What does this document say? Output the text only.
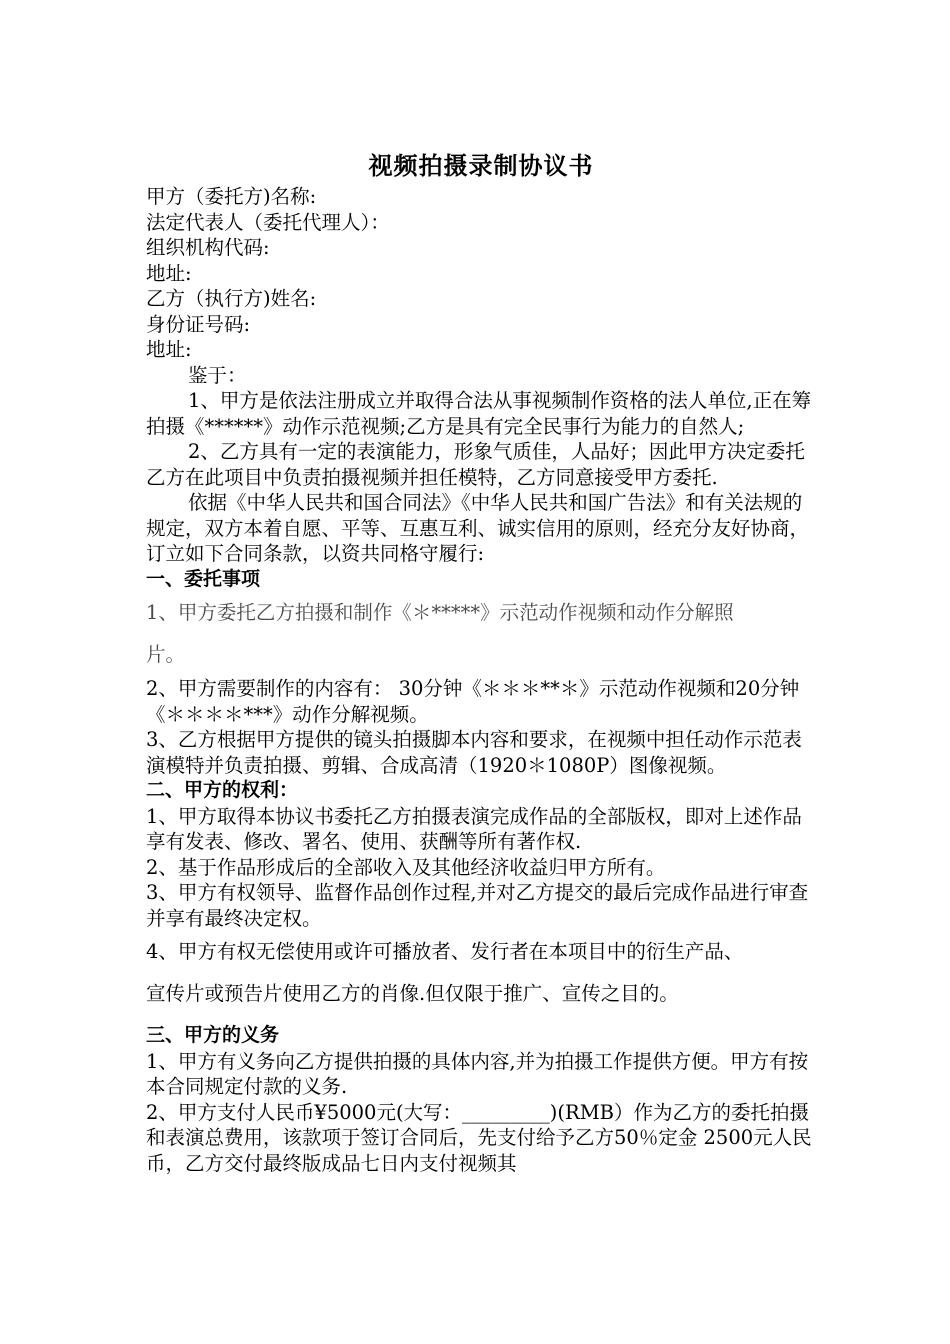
视频拍摄录制协议书

甲方（委托方)名称:

法定代表人（委托代理人）：

组织机构代码:

地址:

乙方（执行方)姓名:

身份证号码:

地址:

鉴于：

1、甲方是依法注册成立并取得合法从事视频制作资格的法人单位,正在筹拍摄《******》动作示范视频;乙方是具有完全民事行为能力的自然人;

2、乙方具有一定的表演能力，形象气质佳，人品好；因此甲方决定委托乙方在此项目中负责拍摄视频并担任模特，乙方同意接受甲方委托.

依据《中华人民共和国合同法》《中华人民共和国广告法》和有关法规的规定，双方本着自愿、平等、互惠互利、诚实信用的原则，经充分友好协商，订立如下合同条款，以资共同格守履行:

一、委托事项

1、甲方委托乙方拍摄和制作《＊*****》示范动作视频和动作分解照

片。

2、甲方需要制作的内容有： 30分钟《＊＊＊**＊》示范动作视频和20分钟《＊＊＊＊***》动作分解视频。

3、乙方根据甲方提供的镜头拍摄脚本内容和要求，在视频中担任动作示范表演模特并负责拍摄、剪辑、合成高清（1920＊1080P）图像视频。

二、甲方的权利：

1、甲方取得本协议书委托乙方拍摄表演完成作品的全部版权，即对上述作品享有发表、修改、署名、使用、获酬等所有著作权.

2、基于作品形成后的全部收入及其他经济收益归甲方所有。

3、甲方有权领导、监督作品创作过程,并对乙方提交的最后完成作品进行审查并享有最终决定权。

4、甲方有权无偿使用或许可播放者、发行者在本项目中的衍生产品、

宣传片或预告片使用乙方的肖像.但仅限于推广、宣传之目的。

三、甲方的义务

1、甲方有义务向乙方提供拍摄的具体内容,并为拍摄工作提供方便。甲方有按本合同规定付款的义务.

2、甲方支付人民币¥5000元(大写：_________)(RMB）作为乙方的委托拍摄和表演总费用，该款项于签订合同后，先支付给予乙方50％定金 2500元人民币，乙方交付最终版成品七日内支付视频其
